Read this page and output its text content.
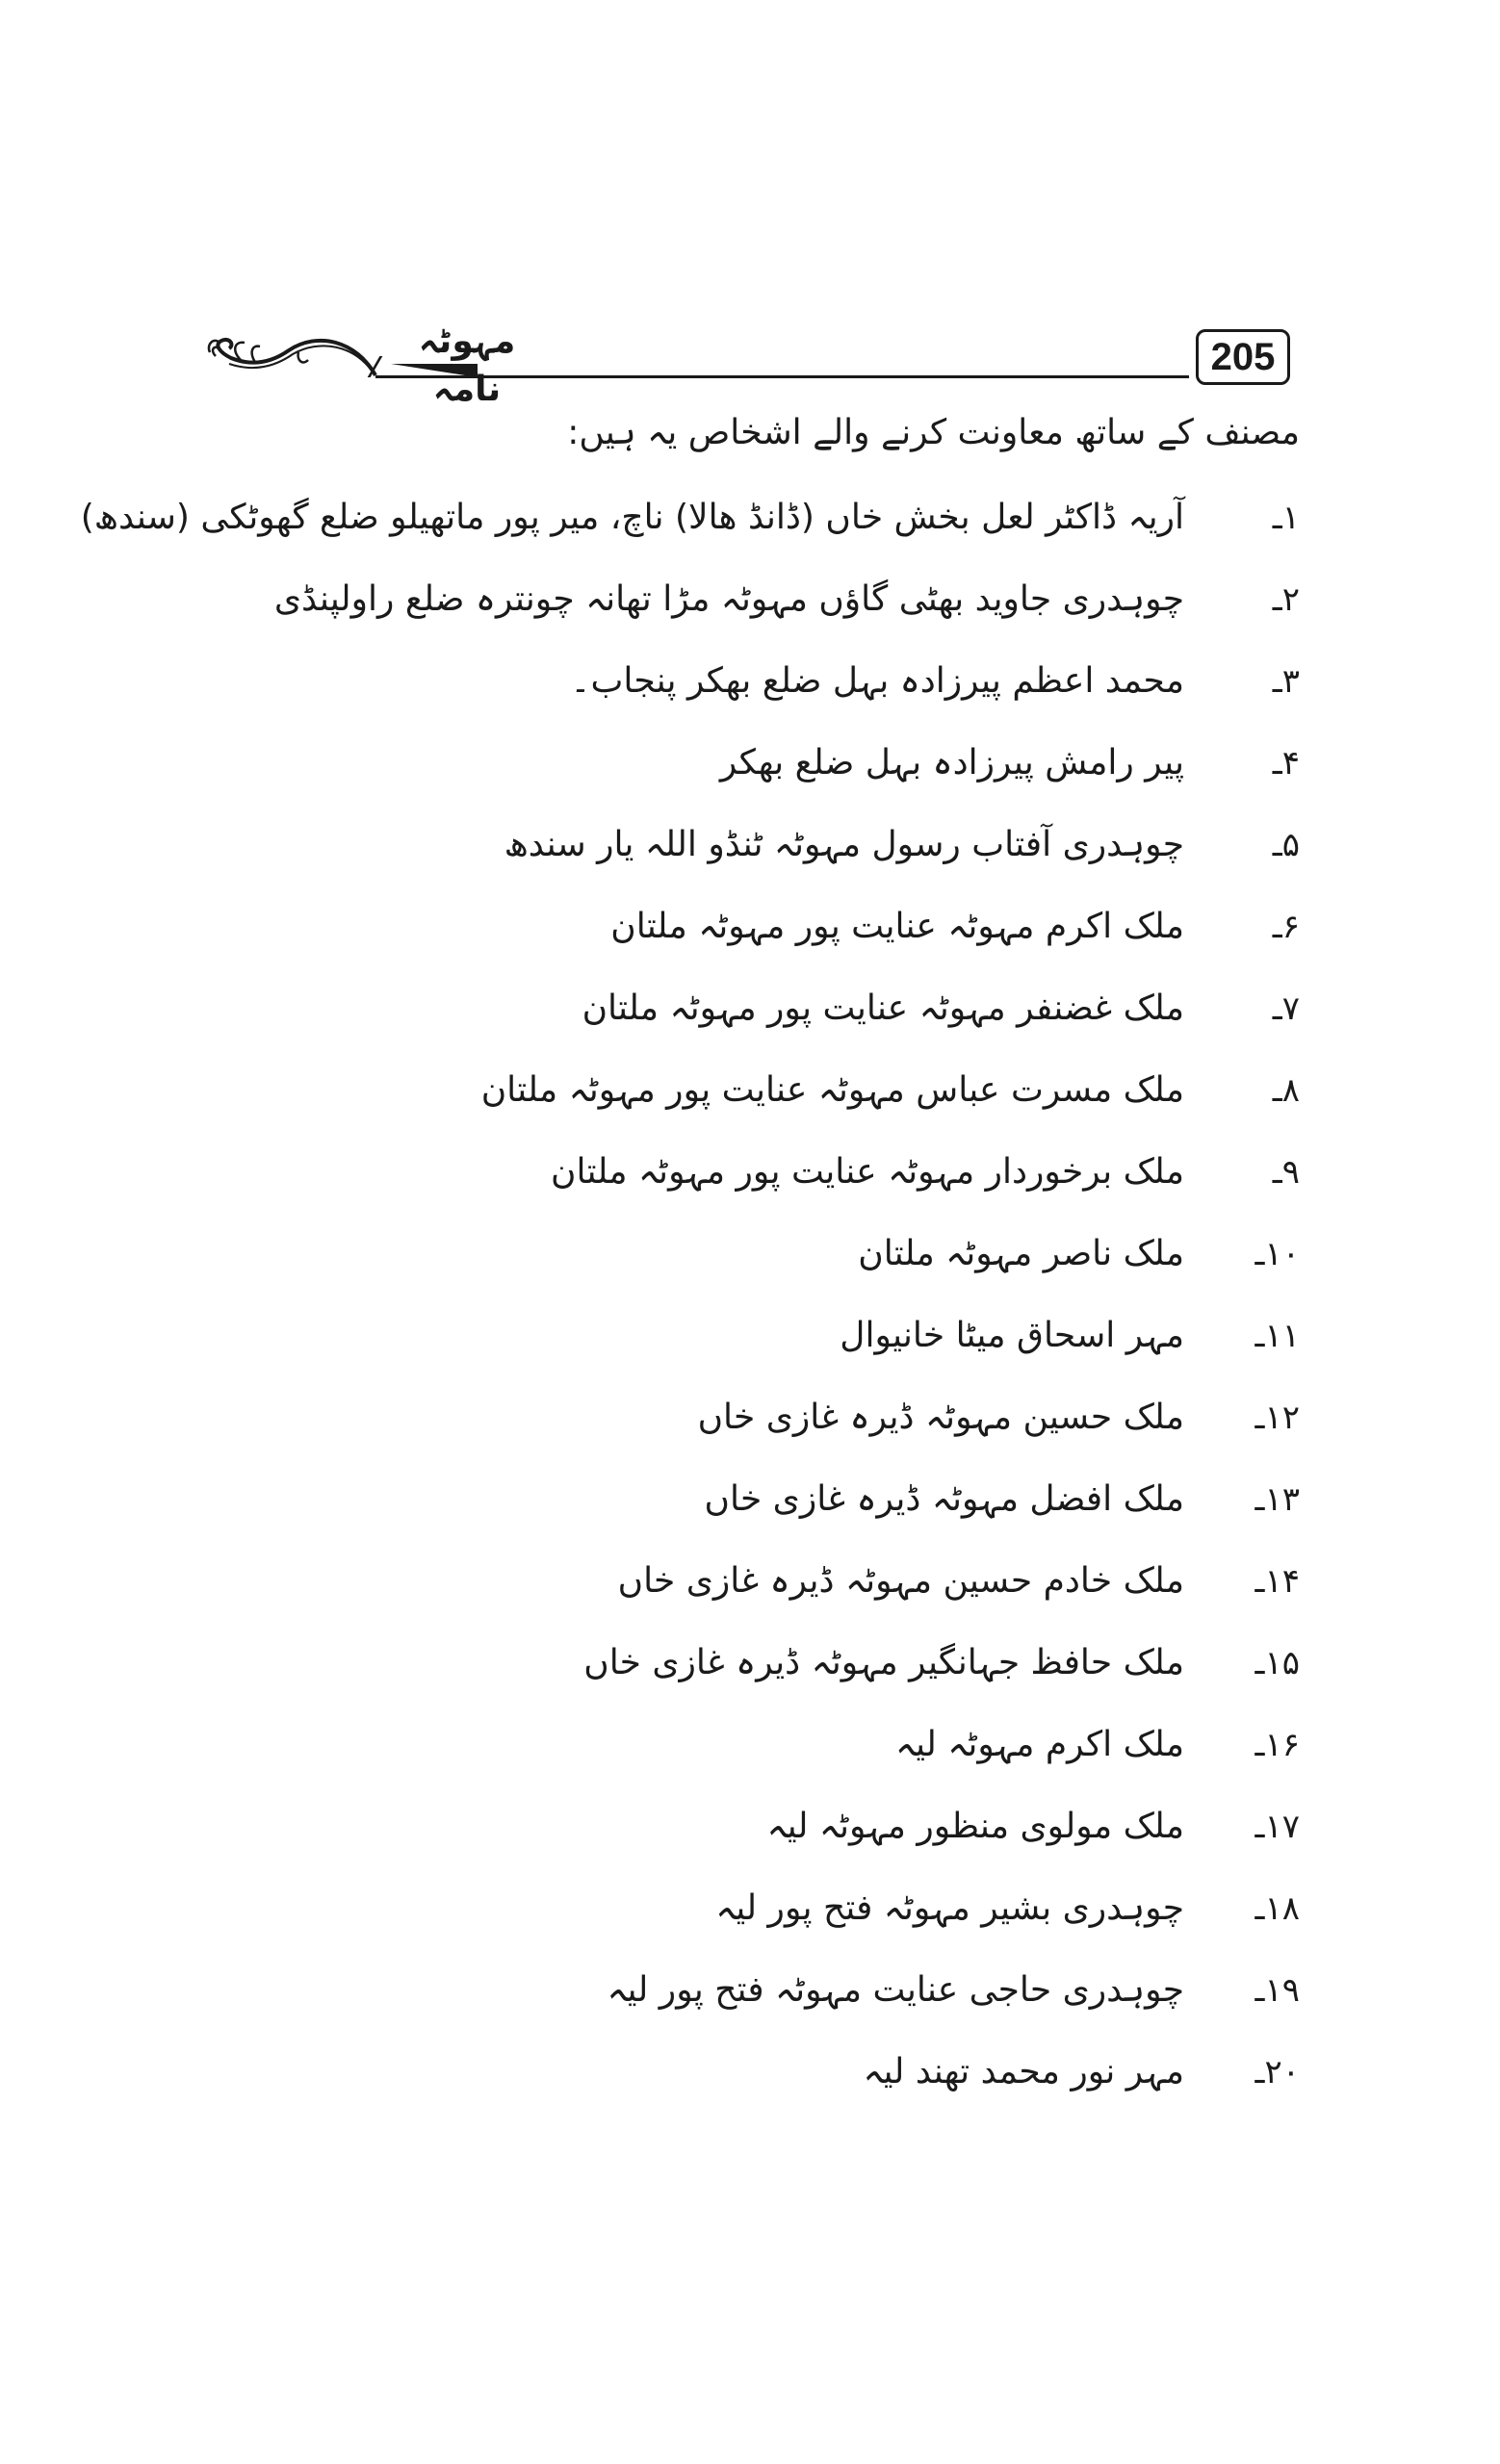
جٹ
مہوٹہ نامہ
205
مصنف کے ساتھ معاونت کرنے والے اشخاص یہ ہیں:
۱ـ
آریہ ڈاکٹر لعل بخش خاں (ڈانڈ ھالا) ناچ، میر پور ماتھیلو ضلع گھوٹکی (سندھ)
۲ـ
چوہدری جاوید بھٹی گاؤں مہوٹہ مڑا تھانہ چونترہ ضلع راولپنڈی
۳ـ
محمد اعظم پیرزادہ بہل ضلع بھکر پنجاب۔
۴ـ
پیر رامش پیرزادہ بہل ضلع بھکر
۵ـ
چوہدری آفتاب رسول مہوٹہ ٹنڈو اللہ یار سندھ
۶ـ
ملک اکرم مہوٹہ عنایت پور مہوٹہ ملتان
۷ـ
ملک غضنفر مہوٹہ عنایت پور مہوٹہ ملتان
۸ـ
ملک مسرت عباس مہوٹہ عنایت پور مہوٹہ ملتان
۹ـ
ملک برخوردار مہوٹہ عنایت پور مہوٹہ ملتان
۱۰ـ
ملک ناصر مہوٹہ ملتان
۱۱ـ
مہر اسحاق میٹا خانیوال
۱۲ـ
ملک حسین مہوٹہ ڈیرہ غازی خاں
۱۳ـ
ملک افضل مہوٹہ ڈیرہ غازی خاں
۱۴ـ
ملک خادم حسین مہوٹہ ڈیرہ غازی خاں
۱۵ـ
ملک حافظ جہانگیر مہوٹہ ڈیرہ غازی خاں
۱۶ـ
ملک اکرم مہوٹہ لیہ
۱۷ـ
ملک مولوی منظور مہوٹہ لیہ
۱۸ـ
چوہدری بشیر مہوٹہ فتح پور لیہ
۱۹ـ
چوہدری حاجی عنایت مہوٹہ فتح پور لیہ
۲۰ـ
مہر نور محمد تھند لیہ
